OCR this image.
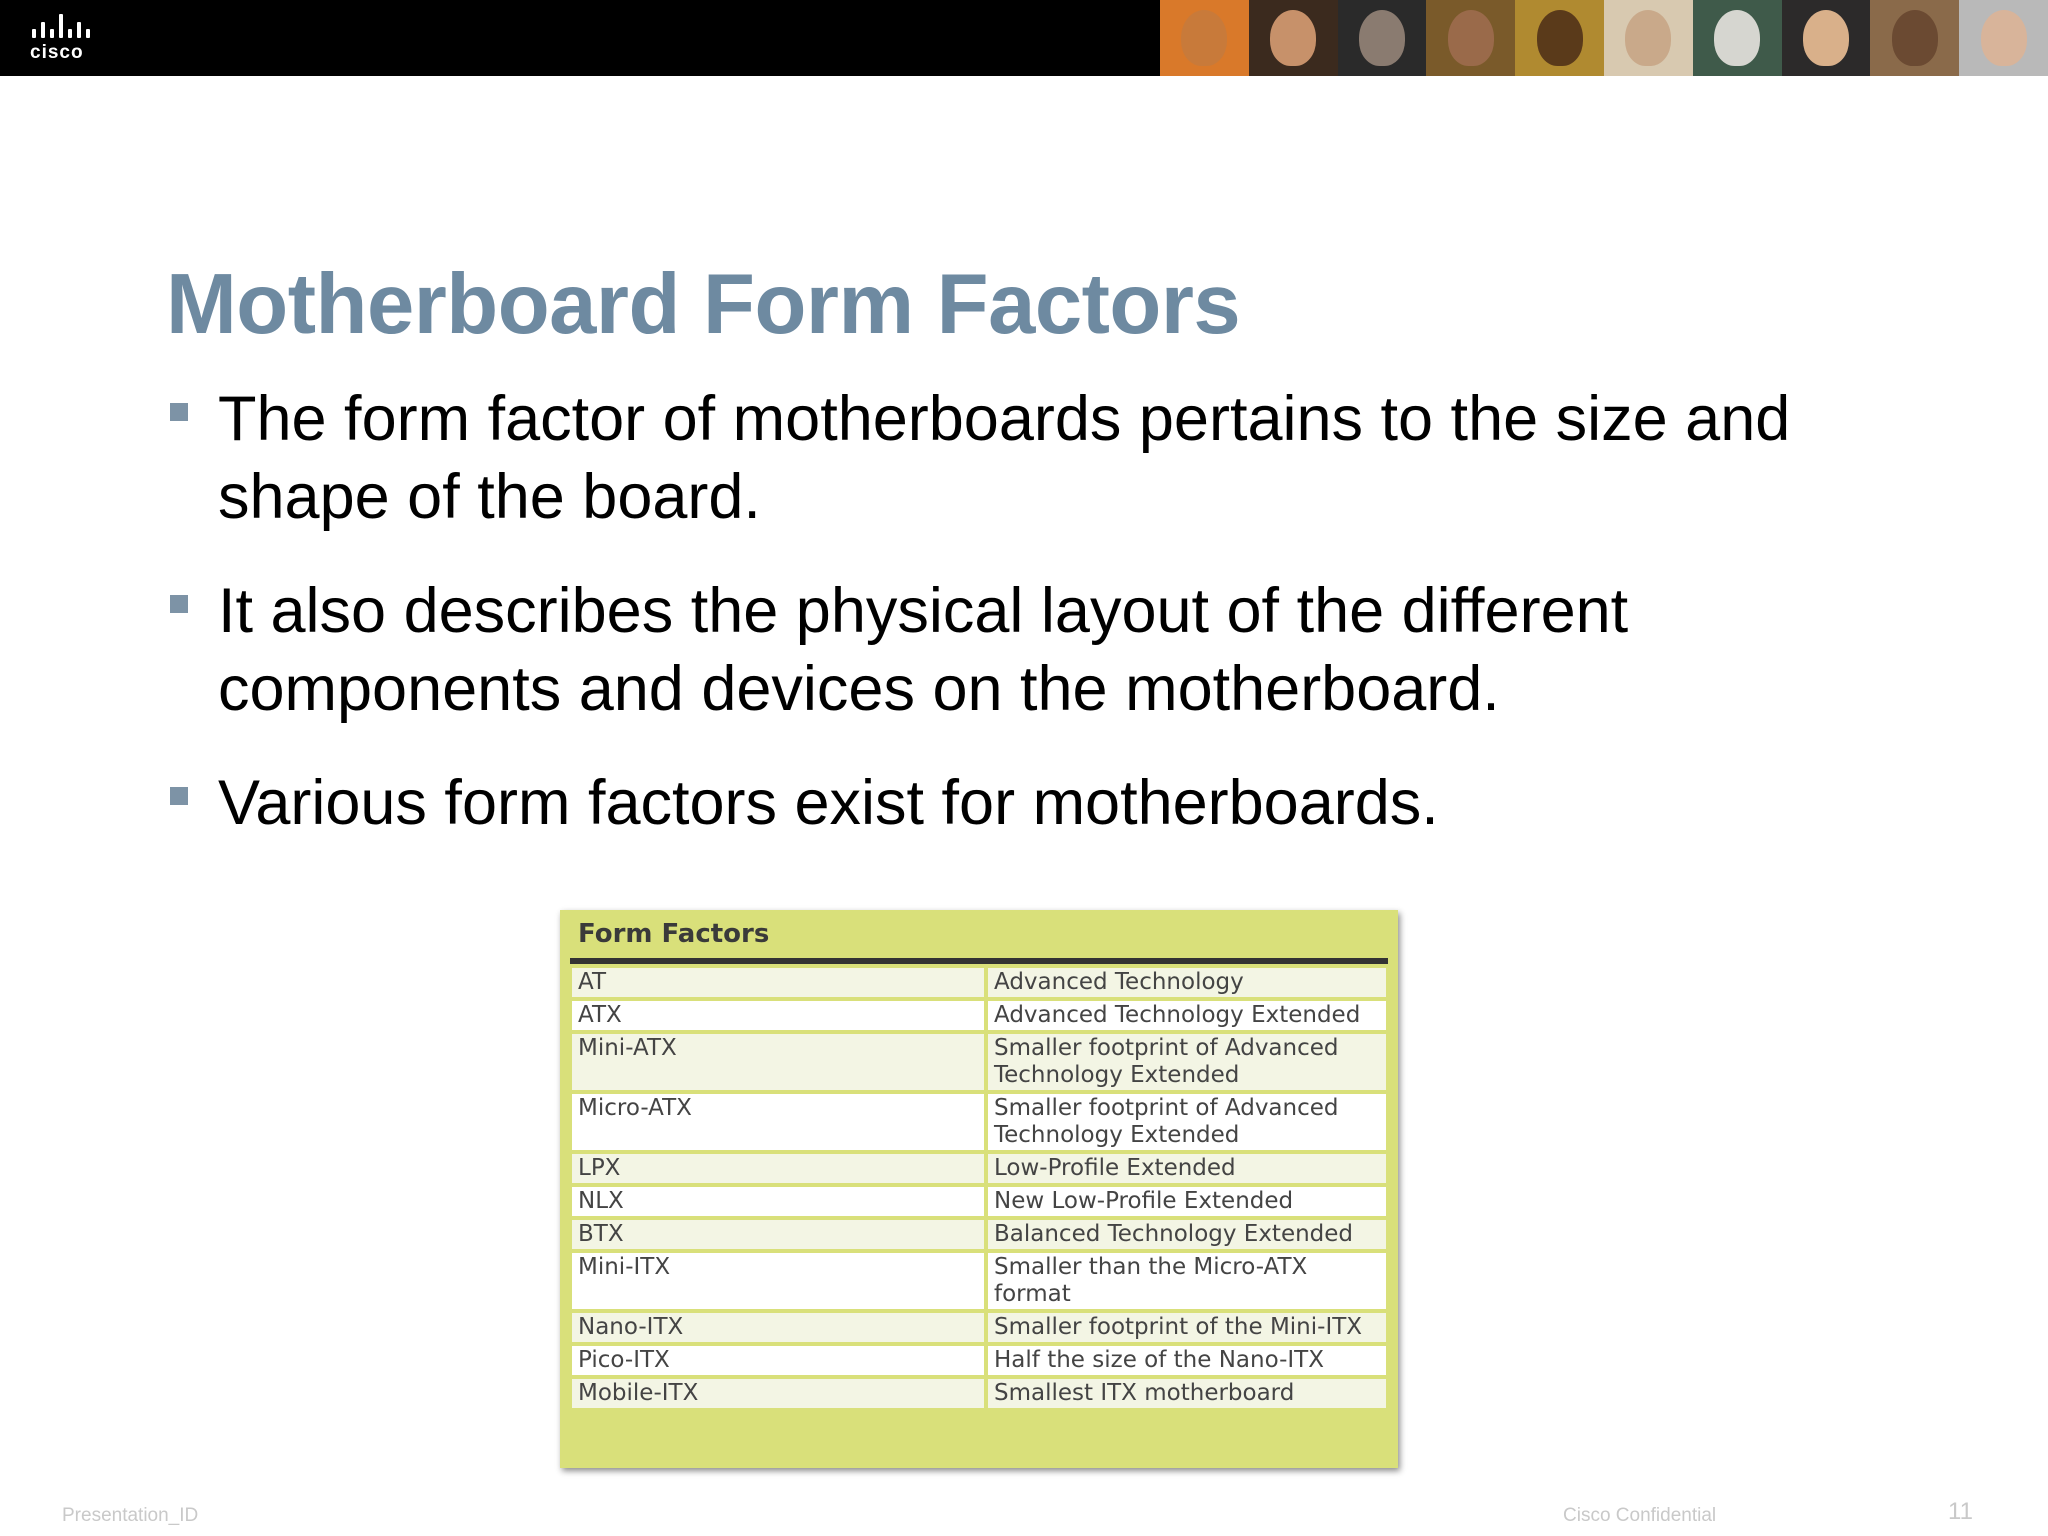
cisco
Motherboard Form Factors
The form factor of motherboards pertains to the size and shape of the board.
It also describes the physical layout of the different components and devices on the motherboard.
Various form factors exist for motherboards.
Form Factors
AT	Advanced Technology
ATX	Advanced Technology Extended
Mini-ATX	Smaller footprint of Advanced Technology Extended
Micro-ATX	Smaller footprint of Advanced Technology Extended
LPX	Low-Profile Extended
NLX	New Low-Profile Extended
BTX	Balanced Technology Extended
Mini-ITX	Smaller than the Micro-ATX format
Nano-ITX	Smaller footprint of the Mini-ITX
Pico-ITX	Half the size of the Nano-ITX
Mobile-ITX	Smallest ITX motherboard
Presentation_ID	Cisco Confidential	11
